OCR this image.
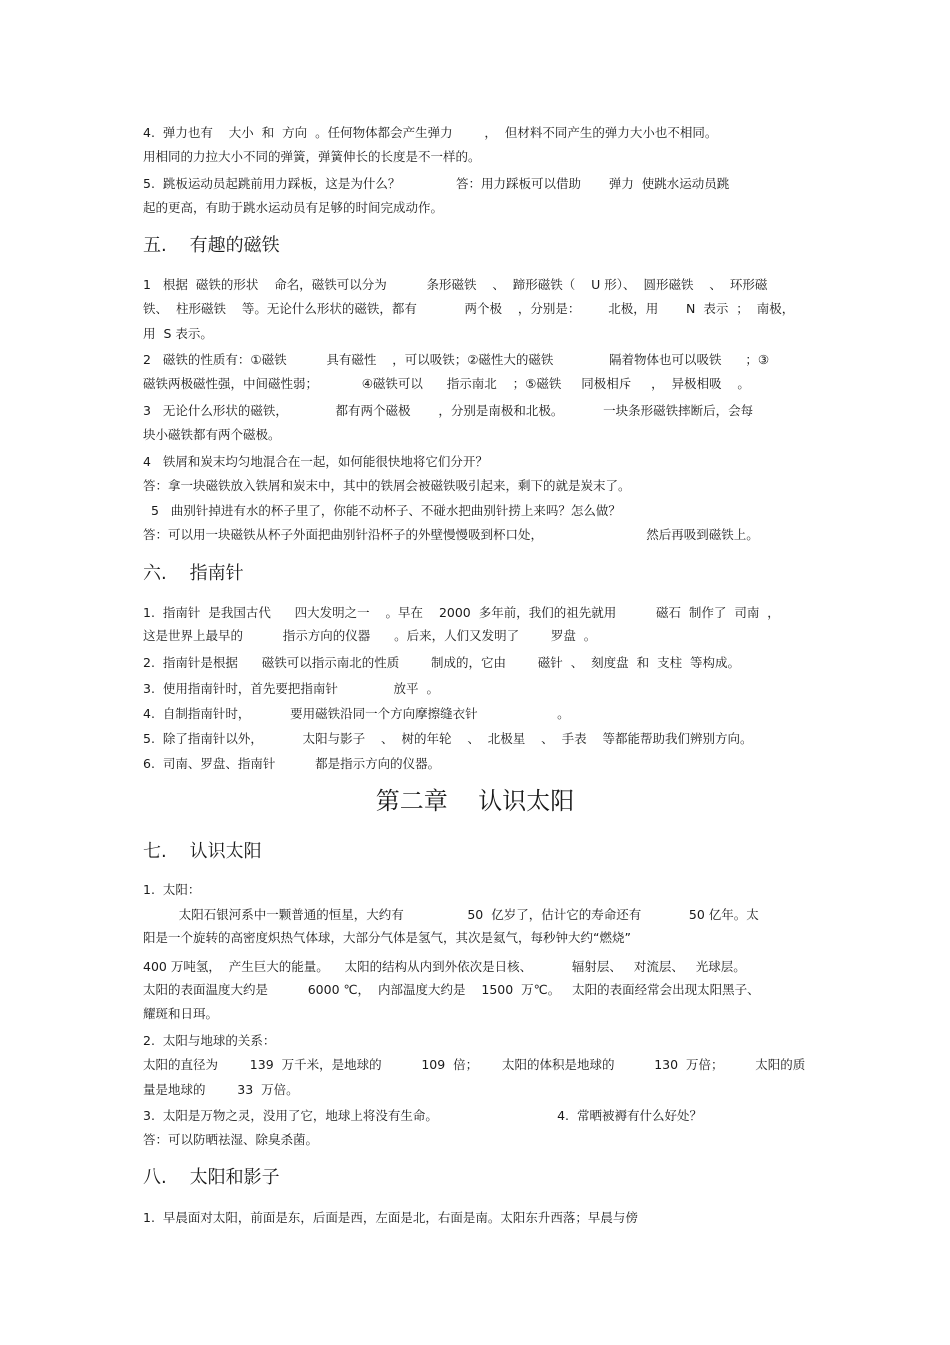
4.  弹力也有    大小  和  方向  。任何物体都会产生弹力        ，  但材料不同产生的弹力大小也不相同。
用相同的力拉大小不同的弹簧，弹簧伸长的长度是不一样的。
5.  跳板运动员起跳前用力踩板，这是为什么？              答：用力踩板可以借助       弹力  使跳水运动员跳
起的更高，有助于跳水运动员有足够的时间完成动作。
五.    有趣的磁铁
1   根据  磁铁的形状    命名，磁铁可以分为          条形磁铁    、  蹄形磁铁（    U 形）、  圆形磁铁    、  环形磁
铁、  柱形磁铁    等。无论什么形状的磁铁，都有            两个极    ，分别是：       北极，用       N  表示  ；  南极，
用  S 表示。
2   磁铁的性质有：①磁铁          具有磁性    ，可以吸铁；②磁性大的磁铁              隔着物体也可以吸铁      ；③
磁铁两极磁性强，中间磁性弱；           ④磁铁可以      指示南北    ；⑤磁铁     同极相斥     ，  异极相吸    。
3   无论什么形状的磁铁，            都有两个磁极       ，分别是南极和北极。          一块条形磁铁摔断后，会每
块小磁铁都有两个磁极。
4   铁屑和炭末均匀地混合在一起，如何能很快地将它们分开？
答：拿一块磁铁放入铁屑和炭末中，其中的铁屑会被磁铁吸引起来，剩下的就是炭末了。
5   曲别针掉进有水的杯子里了，你能不动杯子、不碰水把曲别针捞上来吗？怎么做？
答：可以用一块磁铁从杯子外面把曲别针沿杯子的外壁慢慢吸到杯口处，                          然后再吸到磁铁上。
六.    指南针
1.  指南针  是我国古代      四大发明之一    。早在    2000  多年前，我们的祖先就用          磁石  制作了  司南  ，
这是世界上最早的          指示方向的仪器      。后来，人们又发明了        罗盘  。
2.  指南针是根据      磁铁可以指示南北的性质        制成的，它由        磁针  、  刻度盘  和  支柱  等构成。
3.  使用指南针时，首先要把指南针              放平  。
4.  自制指南针时，          要用磁铁沿同一个方向摩擦缝衣针                    。
5.  除了指南针以外，          太阳与影子    、  树的年轮    、  北极星    、  手表    等都能帮助我们辨别方向。
6.  司南、罗盘、指南针          都是指示方向的仪器。
第二章    认识太阳
七.    认识太阳
1.  太阳：
太阳石银河系中一颗普通的恒星，大约有                50  亿岁了，估计它的寿命还有            50 亿年。太
阳是一个旋转的高密度炽热气体球，大部分气体是氢气，其次是氦气，每秒钟大约“燃烧”
400 万吨氢，  产生巨大的能量。    太阳的结构从内到外依次是日核、          辐射层、   对流层、   光球层。
太阳的表面温度大约是          6000 ℃，  内部温度大约是    1500  万℃。   太阳的表面经常会出现太阳黑子、
耀斑和日珥。
2.  太阳与地球的关系：
太阳的直径为        139  万千米，是地球的          109  倍；      太阳的体积是地球的          130  万倍；        太阳的质
量是地球的        33  万倍。
3.  太阳是万物之灵，没用了它，地球上将没有生命。                              4.  常晒被褥有什么好处？
答：可以防晒祛湿、除臭杀菌。
八.    太阳和影子
1.  早晨面对太阳，前面是东，后面是西，左面是北，右面是南。太阳东升西落；早晨与傍
